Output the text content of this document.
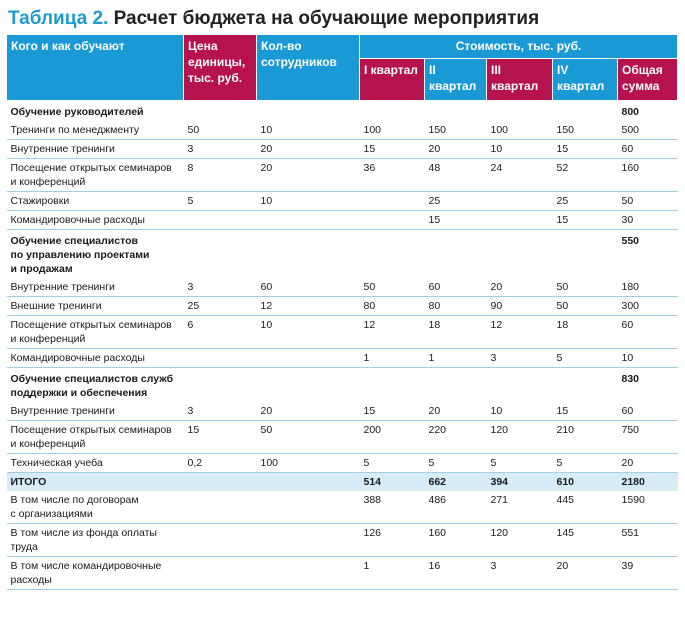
Таблица 2. Расчет бюджета на обучающие мероприятия
Кого и как обучают	Цена единицы, тыс. руб.	Кол-во сотрудников	Стоимость, тыс. руб.				
			I квартал	II квартал	III квартал	IV квартал	Общая сумма
Обучение руководителей							800
Тренинги по менеджменту	50	10	100	150	100	150	500
Внутренние тренинги	3	20	15	20	10	15	60
Посещение открытых семинаров
и конференций	8	20	36	48	24	52	160
Стажировки	5	10		25		25	50
Командировочные расходы				15		15	30
Обучение специалистов
по управлению проектами
и продажам							550
Внутренние тренинги	3	60	50	60	20	50	180
Внешние тренинги	25	12	80	80	90	50	300
Посещение открытых семинаров
и конференций	6	10	12	18	12	18	60
Командировочные расходы			1	1	3	5	10
Обучение специалистов служб
поддержки и обеспечения							830
Внутренние тренинги	3	20	15	20	10	15	60
Посещение открытых семинаров
и конференций	15	50	200	220	120	210	750
Техническая учеба	0,2	100	5	5	5	5	20
ИТОГО			514	662	394	610	2180
В том числе по договорам
с организациями			388	486	271	445	1590
В том числе из фонда оплаты
труда			126	160	120	145	551
В том числе командировочные
расходы			1	16	3	20	39
